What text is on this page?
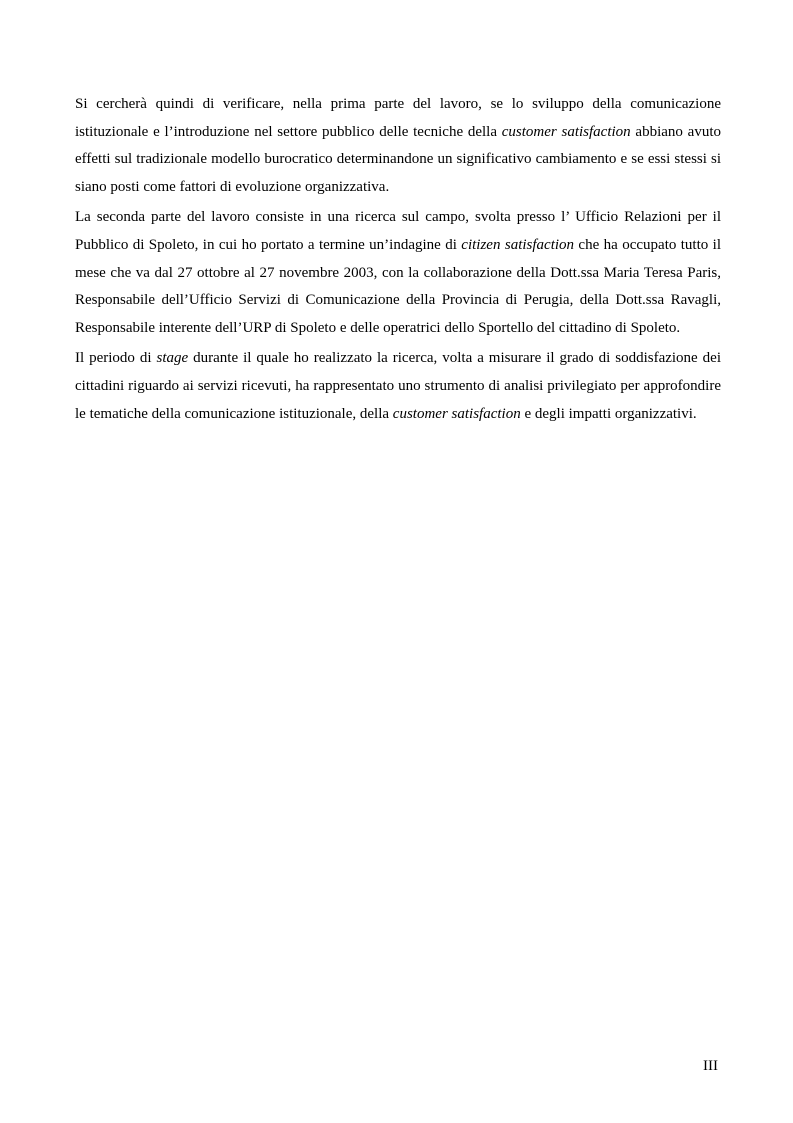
Si cercherà quindi di verificare, nella prima parte del lavoro, se lo sviluppo della comunicazione istituzionale e l’introduzione nel settore pubblico delle tecniche della customer satisfaction abbiano avuto effetti sul tradizionale modello burocratico determinandone un significativo cambiamento e se essi stessi si siano posti come fattori di evoluzione organizzativa.

La seconda parte del lavoro consiste in una ricerca sul campo, svolta presso l’ Ufficio Relazioni per il Pubblico di Spoleto, in cui ho portato a termine un’indagine di citizen satisfaction che ha occupato tutto il mese che va dal 27 ottobre al 27 novembre 2003, con la collaborazione della Dott.ssa Maria Teresa Paris, Responsabile dell’Ufficio Servizi di Comunicazione della Provincia di Perugia, della Dott.ssa Ravagli, Responsabile interente dell’URP di Spoleto e delle operatrici dello Sportello del cittadino di Spoleto.

Il periodo di stage durante il quale ho realizzato la ricerca, volta a misurare il grado di soddisfazione dei cittadini riguardo ai servizi ricevuti, ha rappresentato uno strumento di analisi privilegiato per approfondire le tematiche della comunicazione istituzionale, della customer satisfaction e degli impatti organizzativi.

III
